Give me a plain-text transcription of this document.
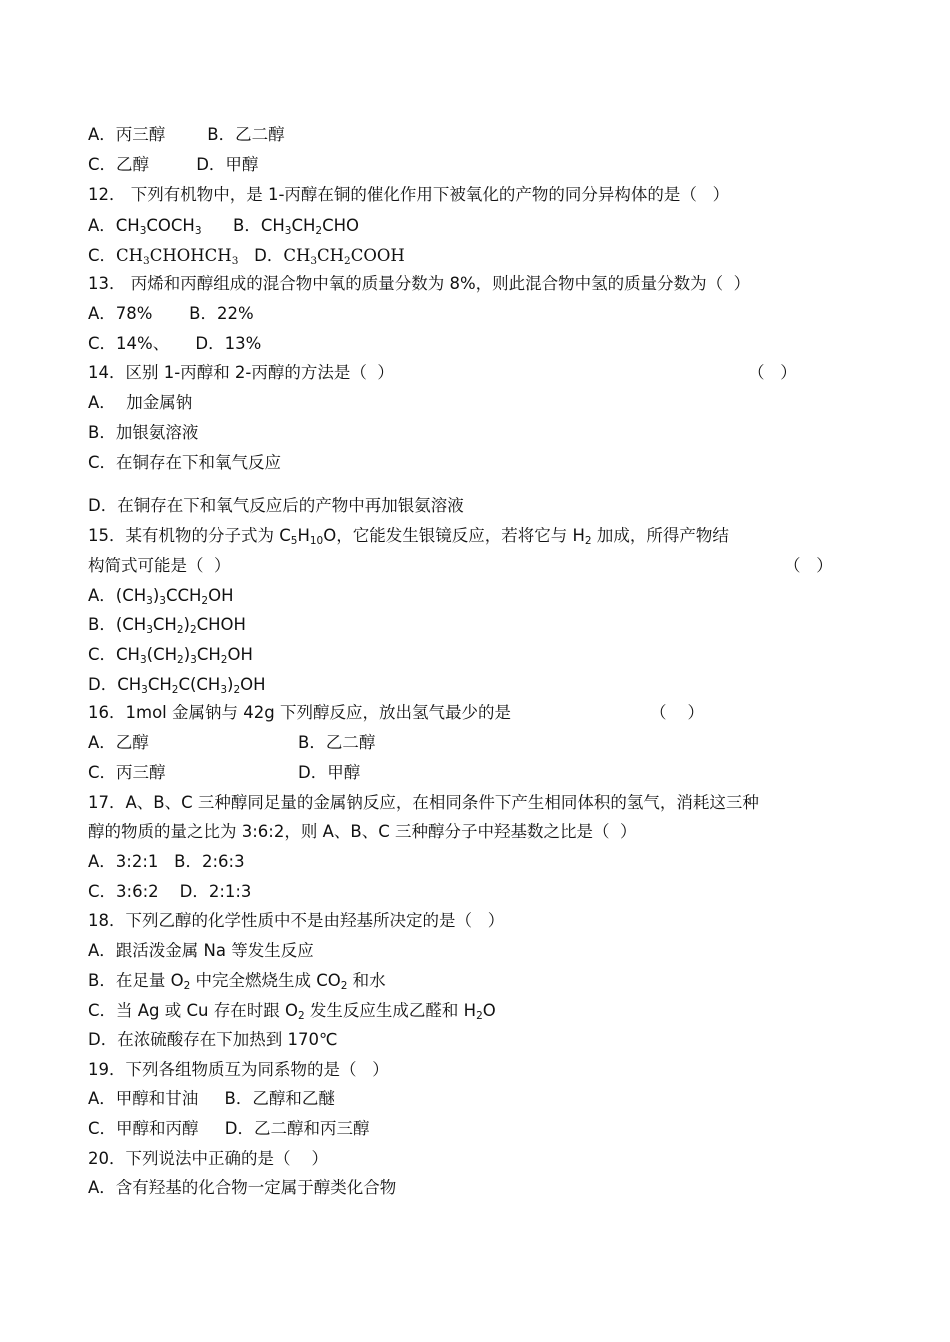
A．丙三醇        B．乙二醇
C．乙醇         D．甲醇
12． 下列有机物中，是 1-丙醇在铜的催化作用下被氧化的产物的同分异构体的是（   ）
A．$CH_3COCH_3$      B．$CH_3CH_2CHO$
C．$CH_3CHOHCH_3$   D．$CH_3CH_2COOH$
13． 丙烯和丙醇组成的混合物中氧的质量分数为 8%，则此混合物中氢的质量分数为（  ）
A．78%       B．22%
C．14%、     D．13%
14．区别 1-丙醇和 2-丙醇的方法是（  ）	（   ）
A．  加金属钠
B．加银氨溶液
C．在铜存在下和氧气反应
D．在铜存在下和氧气反应后的产物中再加银氨溶液
15．某有机物的分子式为 $C_5H_{10}O$，它能发生银镜反应，若将它与 $H_2$ 加成，所得产物结
构简式可能是（  ）	（   ）
A．$(CH_3)_3CCH_2OH$
B．$(CH_3CH_2)_2CHOH$
C．$CH_3(CH_2)_3CH_2OH$
D．$CH_3CH_2C(CH_3)_2OH$
16．1mol 金属钠与 42g 下列醇反应，放出氢气最少的是	（    ）
A．乙醇	B．乙二醇
C．丙三醇	D．甲醇
17．A、B、C 三种醇同足量的金属钠反应，在相同条件下产生相同体积的氢气，消耗这三种
醇的物质的量之比为 3:6:2，则 A、B、C 三种醇分子中羟基数之比是（  ）
A．3:2:1   B．2:6:3
C．3:6:2    D．2:1:3
18．下列乙醇的化学性质中不是由羟基所决定的是（   ）
A．跟活泼金属 Na 等发生反应
B．在足量 $O_2$ 中完全燃烧生成 $CO_2$ 和水
C．当 Ag 或 Cu 存在时跟 $O_2$ 发生反应生成乙醛和 $H_2O$
D．在浓硫酸存在下加热到 170℃
19．下列各组物质互为同系物的是（   ）
A．甲醇和甘油     B．乙醇和乙醚
C．甲醇和丙醇     D．乙二醇和丙三醇
20．下列说法中正确的是（    ）
A．含有羟基的化合物一定属于醇类化合物
